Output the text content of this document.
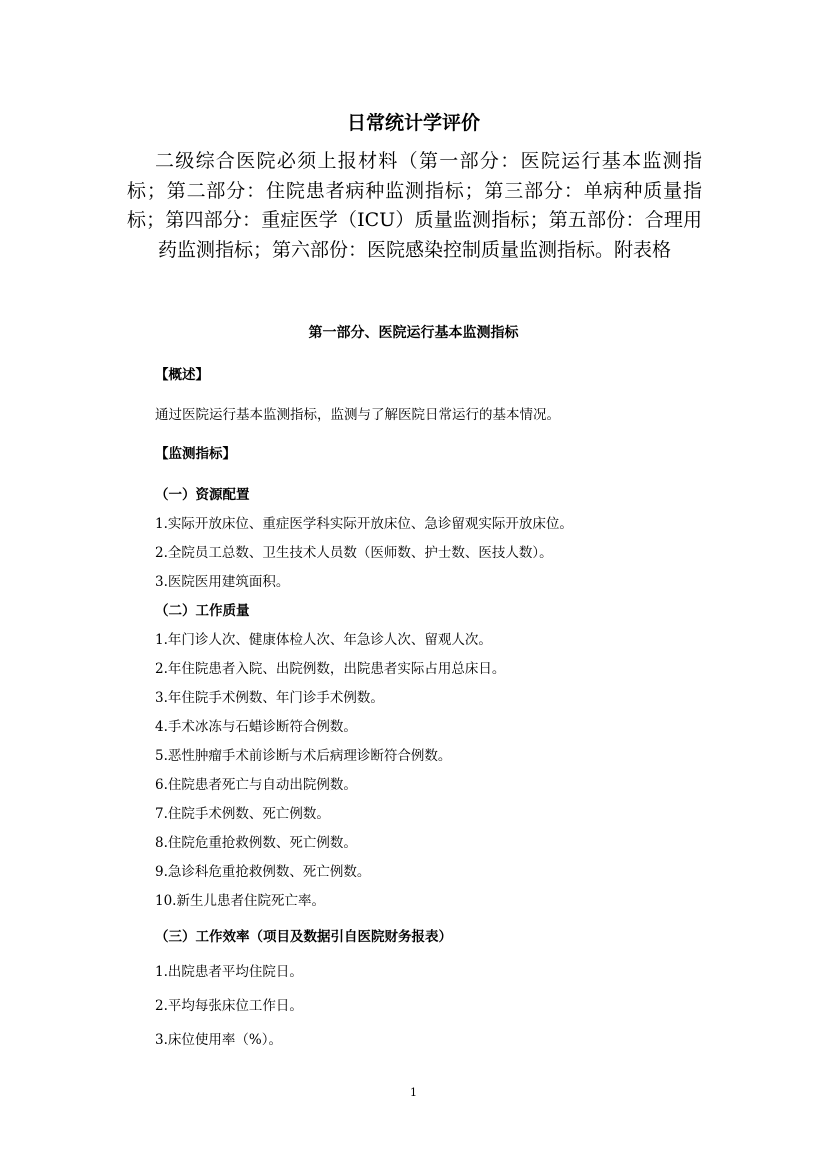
日常统计学评价
二级综合医院必须上报材料（第一部分：医院运行基本监测指标；第二部分：住院患者病种监测指标；第三部分：单病种质量指标；第四部分：重症医学（ICU）质量监测指标；第五部份：合理用药监测指标；第六部份：医院感染控制质量监测指标。附表格
第一部分、医院运行基本监测指标
【概述】
通过医院运行基本监测指标，监测与了解医院日常运行的基本情况。
【监测指标】
（一）资源配置
1.实际开放床位、重症医学科实际开放床位、急诊留观实际开放床位。
2.全院员工总数、卫生技术人员数（医师数、护士数、医技人数）。
3.医院医用建筑面积。
（二）工作质量
1.年门诊人次、健康体检人次、年急诊人次、留观人次。
2.年住院患者入院、出院例数，出院患者实际占用总床日。
3.年住院手术例数、年门诊手术例数。
4.手术冰冻与石蜡诊断符合例数。
5.恶性肿瘤手术前诊断与术后病理诊断符合例数。
6.住院患者死亡与自动出院例数。
7.住院手术例数、死亡例数。
8.住院危重抢救例数、死亡例数。
9.急诊科危重抢救例数、死亡例数。
10.新生儿患者住院死亡率。
（三）工作效率（项目及数据引自医院财务报表）
1.出院患者平均住院日。
2.平均每张床位工作日。
3.床位使用率（%）。
1
